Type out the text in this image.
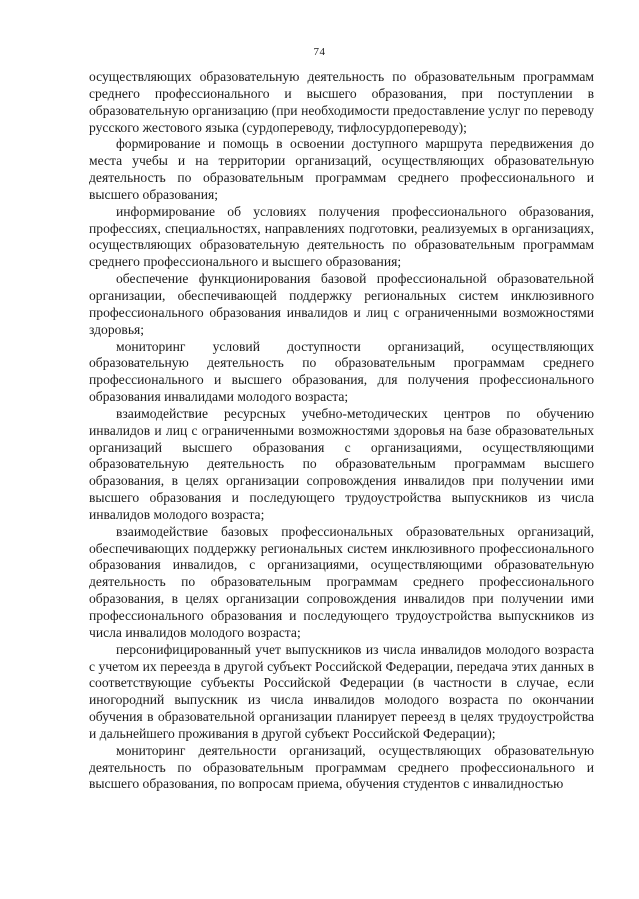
74

осуществляющих образовательную деятельность по образовательным программам среднего профессионального и высшего образования, при поступлении в образовательную организацию (при необходимости предоставление услуг по переводу русского жестового языка (сурдопереводу, тифлосурдопереводу);

формирование и помощь в освоении доступного маршрута передвижения до места учебы и на территории организаций, осуществляющих образовательную деятельность по образовательным программам среднего профессионального и высшего образования;

информирование об условиях получения профессионального образования, профессиях, специальностях, направлениях подготовки, реализуемых в организациях, осуществляющих образовательную деятельность по образовательным программам среднего профессионального и высшего образования;

обеспечение функционирования базовой профессиональной образовательной организации, обеспечивающей поддержку региональных систем инклюзивного профессионального образования инвалидов и лиц с ограниченными возможностями здоровья;

мониторинг условий доступности организаций, осуществляющих образовательную деятельность по образовательным программам среднего профессионального и высшего образования, для получения профессионального образования инвалидами молодого возраста;

взаимодействие ресурсных учебно-методических центров по обучению инвалидов и лиц с ограниченными возможностями здоровья на базе образовательных организаций высшего образования с организациями, осуществляющими образовательную деятельность по образовательным программам высшего образования, в целях организации сопровождения инвалидов при получении ими высшего образования и последующего трудоустройства выпускников из числа инвалидов молодого возраста;

взаимодействие базовых профессиональных образовательных организаций, обеспечивающих поддержку региональных систем инклюзивного профессионального образования инвалидов, с организациями, осуществляющими образовательную деятельность по образовательным программам среднего профессионального образования, в целях организации сопровождения инвалидов при получении ими профессионального образования и последующего трудоустройства выпускников из числа инвалидов молодого возраста;

персонифицированный учет выпускников из числа инвалидов молодого возраста с учетом их переезда в другой субъект Российской Федерации, передача этих данных в соответствующие субъекты Российской Федерации (в частности в случае, если иногородний выпускник из числа инвалидов молодого возраста по окончании обучения в образовательной организации планирует переезд в целях трудоустройства и дальнейшего проживания в другой субъект Российской Федерации);

мониторинг деятельности организаций, осуществляющих образовательную деятельность по образовательным программам среднего профессионального и высшего образования, по вопросам приема, обучения студентов с инвалидностью
